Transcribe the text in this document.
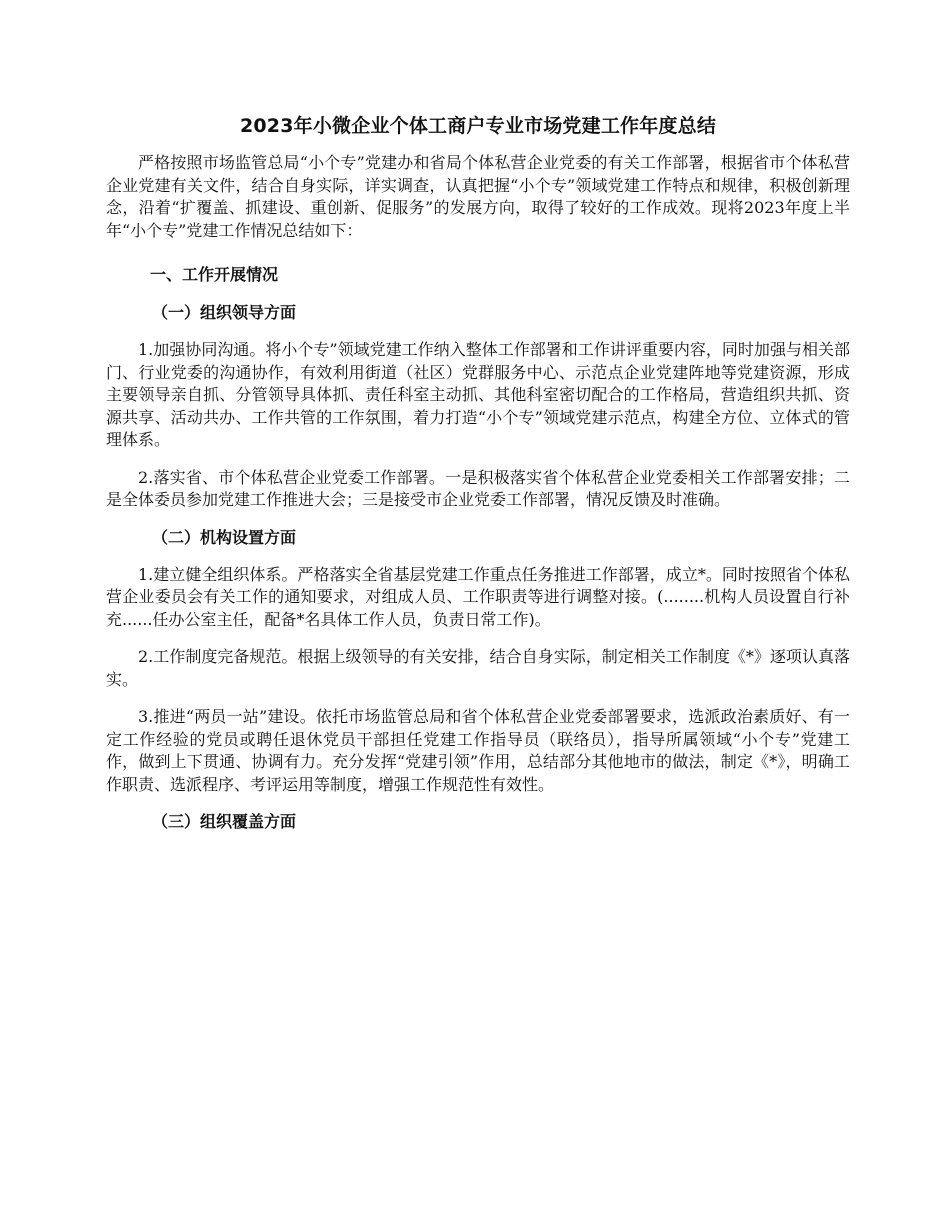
2023年小微企业个体工商户专业市场党建工作年度总结

严格按照市场监管总局“小个专”党建办和省局个体私营企业党委的有关工作部署，根据省市个体私营企业党建有关文件，结合自身实际，详实调查，认真把握“小个专”领域党建工作特点和规律，积极创新理念，沿着“扩覆盖、抓建设、重创新、促服务”的发展方向，取得了较好的工作成效。现将2023年度上半年“小个专”党建工作情况总结如下：

一、工作开展情况
（一）组织领导方面

1.加强协同沟通。将小个专”领域党建工作纳入整体工作部署和工作讲评重要内容，同时加强与相关部门、行业党委的沟通协作，有效利用街道（社区）党群服务中心、示范点企业党建阵地等党建资源，形成主要领导亲自抓、分管领导具体抓、责任科室主动抓、其他科室密切配合的工作格局，营造组织共抓、资源共享、活动共办、工作共管的工作氛围，着力打造“小个专”领域党建示范点，构建全方位、立体式的管理体系。

2.落实省、市个体私营企业党委工作部署。一是积极落实省个体私营企业党委相关工作部署安排；二是全体委员参加党建工作推进大会；三是接受市企业党委工作部署，情况反馈及时准确。

（二）机构设置方面

1.建立健全组织体系。严格落实全省基层党建工作重点任务推进工作部署，成立*。同时按照省个体私营企业委员会有关工作的通知要求，对组成人员、工作职责等进行调整对接。(........机构人员设置自行补充......任办公室主任，配备*名具体工作人员，负责日常工作)。

2.工作制度完备规范。根据上级领导的有关安排，结合自身实际，制定相关工作制度《*》逐项认真落实。

3.推进“两员一站”建设。依托市场监管总局和省个体私营企业党委部署要求，选派政治素质好、有一定工作经验的党员或聘任退休党员干部担任党建工作指导员（联络员），指导所属领域“小个专”党建工作，做到上下贯通、协调有力。充分发挥“党建引领”作用，总结部分其他地市的做法，制定《*》，明确工作职责、选派程序、考评运用等制度，增强工作规范性有效性。

（三）组织覆盖方面
